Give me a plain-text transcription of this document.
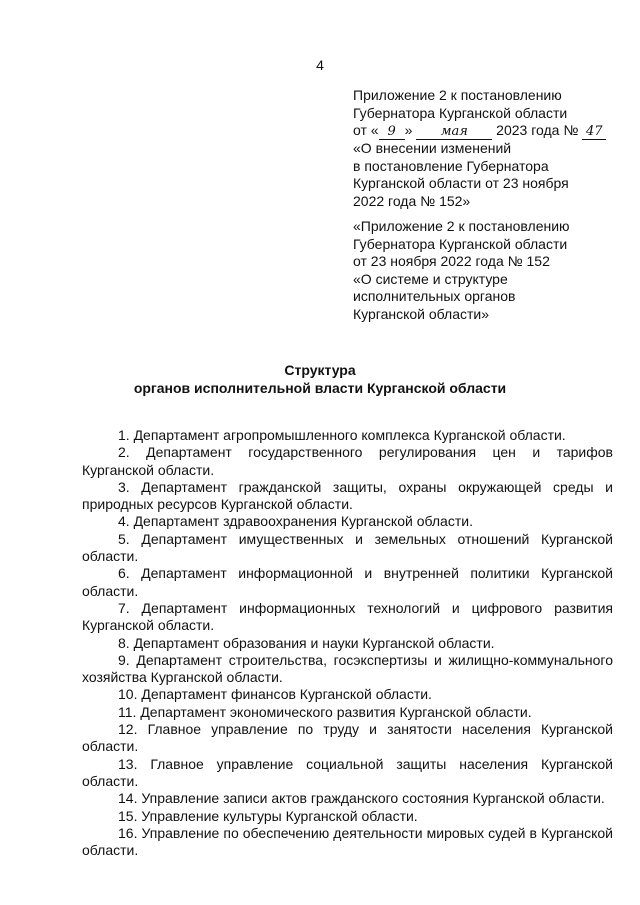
4
Приложение 2 к постановлению
Губернатора Курганской области
от « 9 » мая 2023 года № 47
«О внесении изменений
в постановление Губернатора
Курганской области от 23 ноября
2022 года № 152»
«Приложение 2 к постановлению
Губернатора Курганской области
от 23 ноября 2022 года № 152
«О системе и структуре
исполнительных органов
Курганской области»
Структура
органов исполнительной власти Курганской области

1. Департамент агропромышленного комплекса Курганской области.

2. Департамент государственного регулирования цен и тарифов Курганской области.

3. Департамент гражданской защиты, охраны окружающей среды и природных ресурсов Курганской области.

4. Департамент здравоохранения Курганской области.

5. Департамент имущественных и земельных отношений Курганской области.

6. Департамент информационной и внутренней политики Курганской области.

7. Департамент информационных технологий и цифрового развития Курганской области.

8. Департамент образования и науки Курганской области.

9. Департамент строительства, госэкспертизы и жилищно-коммунального хозяйства Курганской области.

10. Департамент финансов Курганской области.

11. Департамент экономического развития Курганской области.

12. Главное управление по труду и занятости населения Курганской области.

13. Главное управление социальной защиты населения Курганской области.

14. Управление записи актов гражданского состояния Курганской области.

15. Управление культуры Курганской области.

16. Управление по обеспечению деятельности мировых судей в Курганской области.
